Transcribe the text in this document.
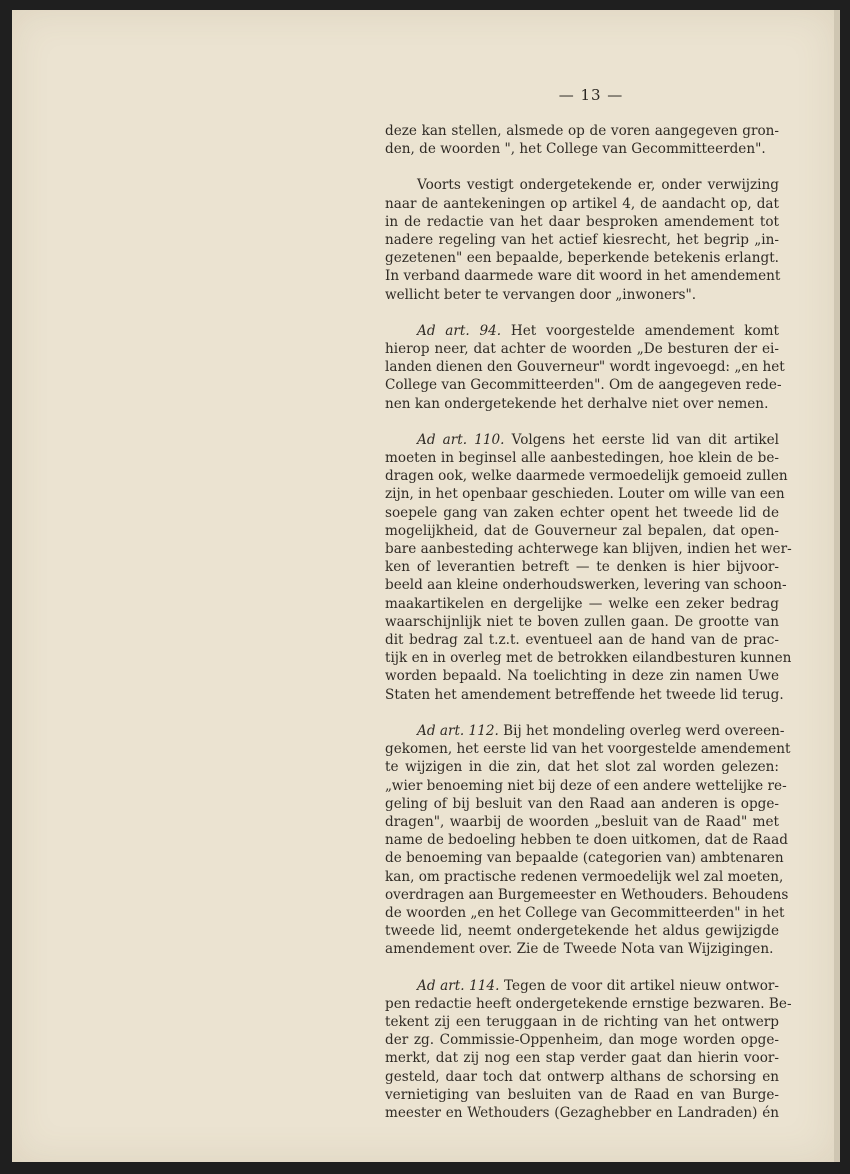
— 13 —
deze kan stellen, alsmede op de voren aangegeven gron-
den, de woorden ", het College van Gecommitteerden".
Voorts vestigt ondergetekende er, onder verwijzing
naar de aantekeningen op artikel 4, de aandacht op, dat
in de redactie van het daar besproken amendement tot
nadere regeling van het actief kiesrecht, het begrip „in-
gezetenen" een bepaalde, beperkende betekenis erlangt.
In verband daarmede ware dit woord in het amendement
wellicht beter te vervangen door „inwoners".
Ad art. 94. Het voorgestelde amendement komt
hierop neer, dat achter de woorden „De besturen der ei-
landen dienen den Gouverneur" wordt ingevoegd: „en het
College van Gecommitteerden". Om de aangegeven rede-
nen kan ondergetekende het derhalve niet over nemen.
Ad art. 110. Volgens het eerste lid van dit artikel
moeten in beginsel alle aanbestedingen, hoe klein de be-
dragen ook, welke daarmede vermoedelijk gemoeid zullen
zijn, in het openbaar geschieden. Louter om wille van een
soepele gang van zaken echter opent het tweede lid de
mogelijkheid, dat de Gouverneur zal bepalen, dat open-
bare aanbesteding achterwege kan blijven, indien het wer-
ken of leverantien betreft — te denken is hier bijvoor-
beeld aan kleine onderhoudswerken, levering van schoon-
maakartikelen en dergelijke — welke een zeker bedrag
waarschijnlijk niet te boven zullen gaan. De grootte van
dit bedrag zal t.z.t. eventueel aan de hand van de prac-
tijk en in overleg met de betrokken eilandbesturen kunnen
worden bepaald. Na toelichting in deze zin namen Uwe
Staten het amendement betreffende het tweede lid terug.
Ad art. 112. Bij het mondeling overleg werd overeen-
gekomen, het eerste lid van het voorgestelde amendement
te wijzigen in die zin, dat het slot zal worden gelezen:
„wier benoeming niet bij deze of een andere wettelijke re-
geling of bij besluit van den Raad aan anderen is opge-
dragen", waarbij de woorden „besluit van de Raad" met
name de bedoeling hebben te doen uitkomen, dat de Raad
de benoeming van bepaalde (categorien van) ambtenaren
kan, om practische redenen vermoedelijk wel zal moeten,
overdragen aan Burgemeester en Wethouders. Behoudens
de woorden „en het College van Gecommitteerden" in het
tweede lid, neemt ondergetekende het aldus gewijzigde
amendement over. Zie de Tweede Nota van Wijzigingen.
Ad art. 114. Tegen de voor dit artikel nieuw ontwor-
pen redactie heeft ondergetekende ernstige bezwaren. Be-
tekent zij een teruggaan in de richting van het ontwerp
der zg. Commissie-Oppenheim, dan moge worden opge-
merkt, dat zij nog een stap verder gaat dan hierin voor-
gesteld, daar toch dat ontwerp althans de schorsing en
vernietiging van besluiten van de Raad en van Burge-
meester en Wethouders (Gezaghebber en Landraden) én
